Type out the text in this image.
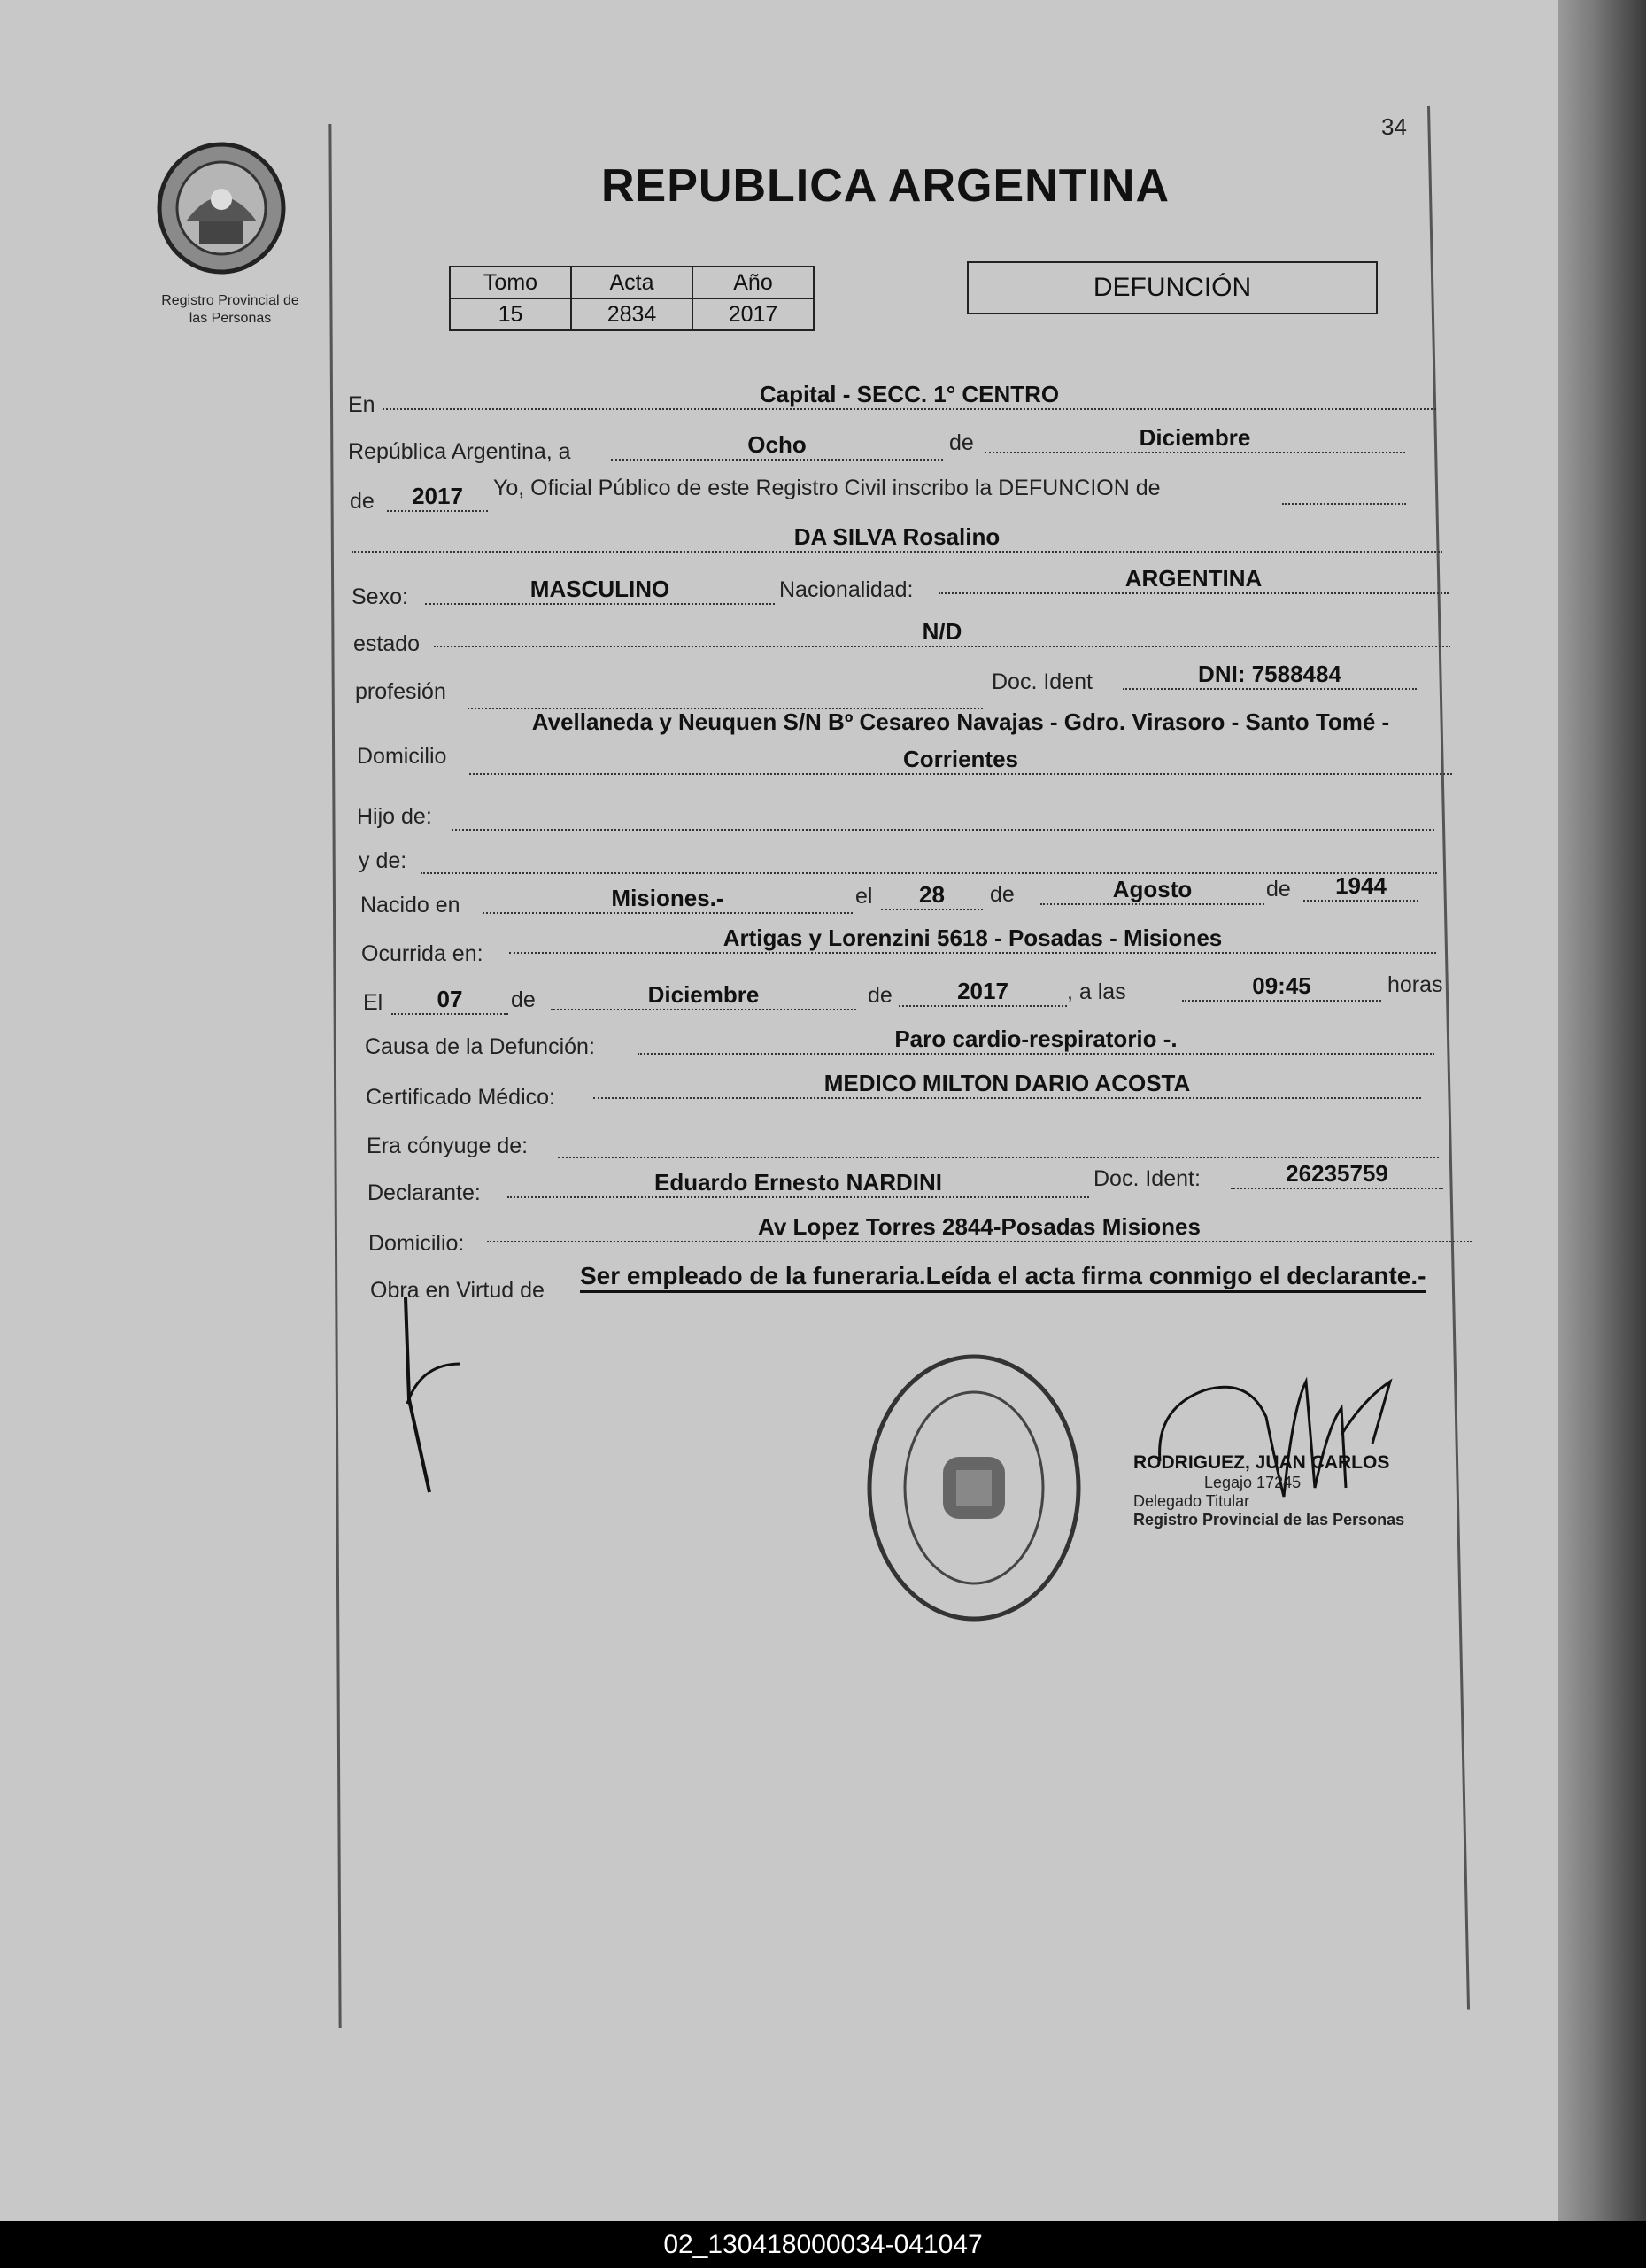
34
Registro Provincial de
las Personas
REPUBLICA ARGENTINA
Tomo	Acta	Año
15	2834	2017
DEFUNCIÓN
En	Capital - SECC. 1° CENTRO
República Argentina, a	Ocho	de	Diciembre
de	2017	Yo, Oficial Público de este Registro Civil inscribo la DEFUNCION de
DA SILVA Rosalino
Sexo:	MASCULINO	Nacionalidad:	ARGENTINA
estado	N/D
profesión	Doc. Ident	DNI: 7588484
Domicilio
Avellaneda y Neuquen S/N Bº Cesareo Navajas - Gdro. Virasoro - Santo Tomé -
Corrientes
Hijo de:
y de:
Nacido en	Misiones.-	el	28	de	Agosto	de	1944
Ocurrida en:
Artigas y Lorenzini 5618 - Posadas - Misiones
El	07	de	Diciembre	de	2017	, a las	09:45	horas
Causa de la Defunción:	Paro cardio-respiratorio -.
Certificado Médico:
MEDICO MILTON DARIO ACOSTA
Era cónyuge de:
Declarante:	Eduardo Ernesto NARDINI	Doc. Ident:	26235759
Domicilio:
Av Lopez Torres 2844-Posadas Misiones
Obra en Virtud de
Ser empleado de la funeraria.Leída el acta firma conmigo el declarante.-
RODRIGUEZ, JUAN CARLOS
Legajo 17245
Delegado Titular
Registro Provincial de las Personas
02_130418000034-041047
